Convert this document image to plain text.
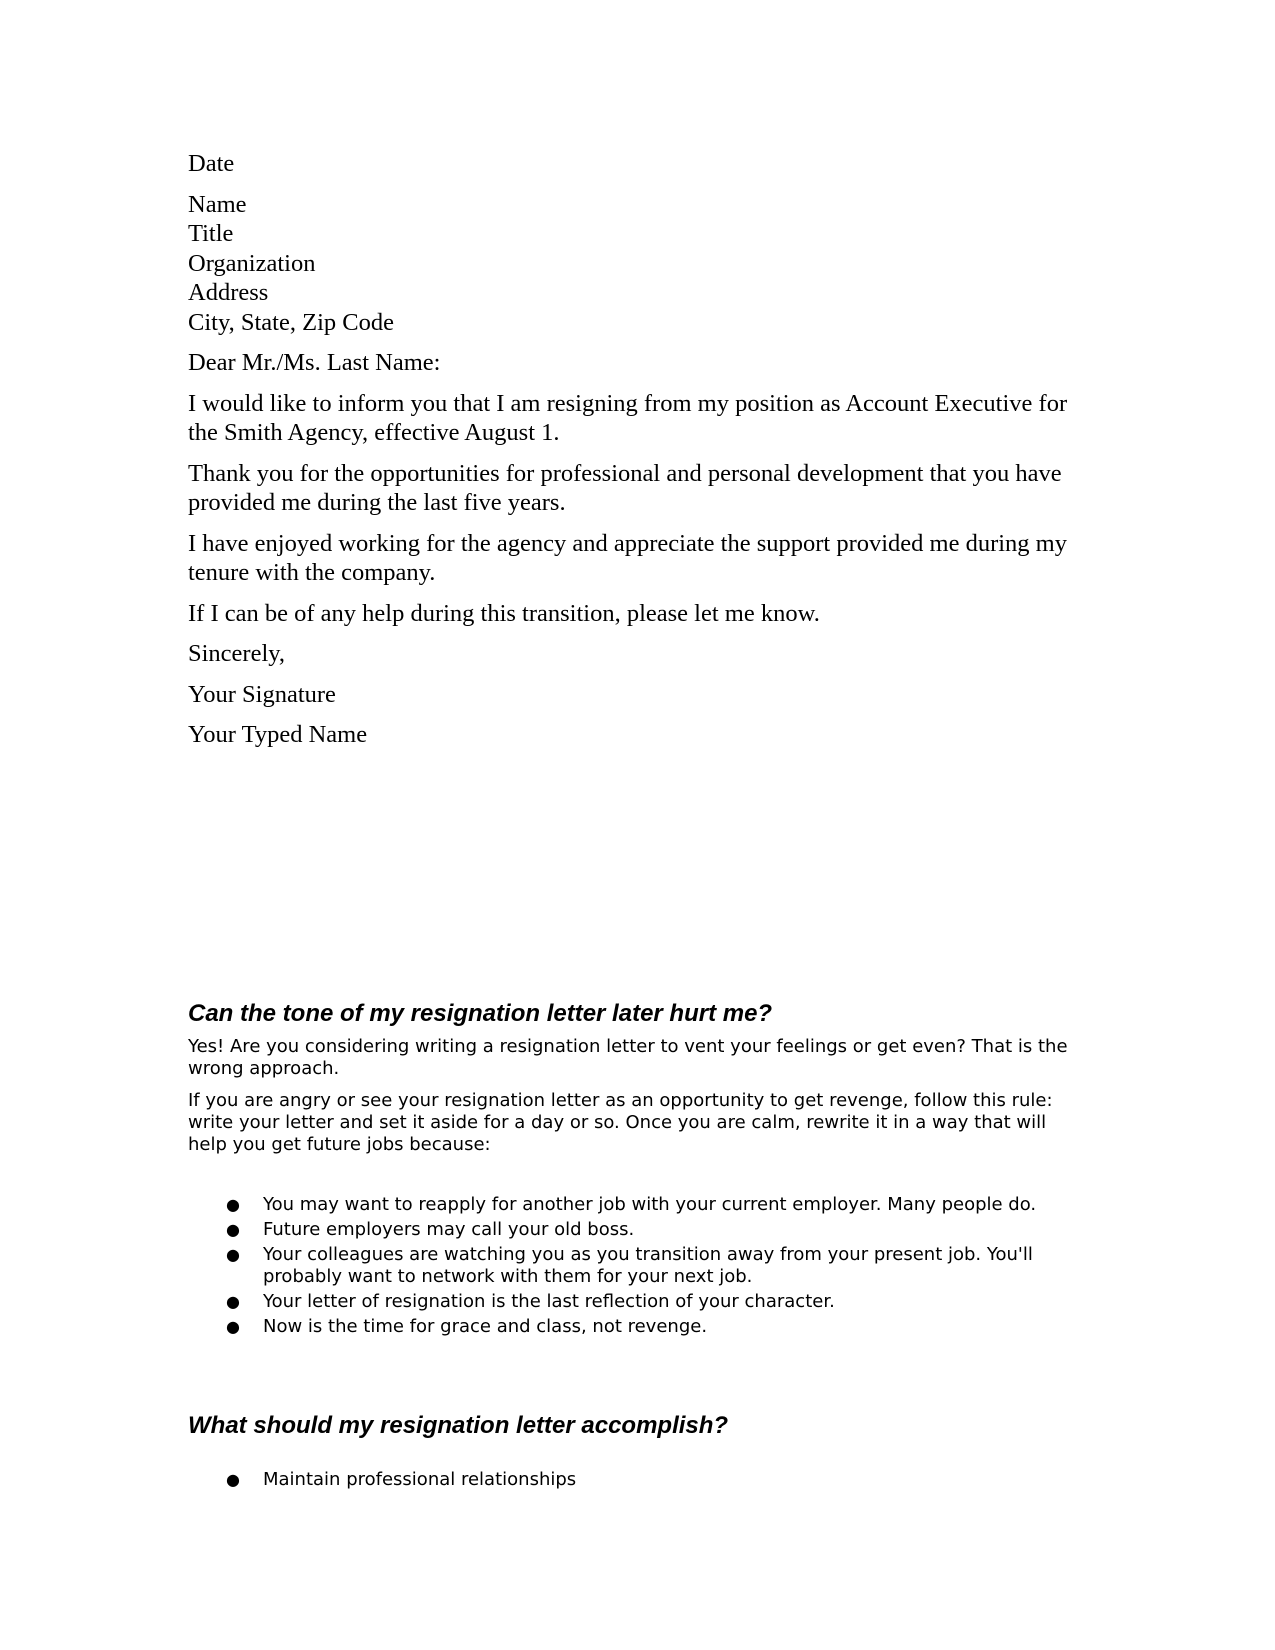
Date

Name
Title
Organization
Address
City, State, Zip Code

Dear Mr./Ms. Last Name:

I would like to inform you that I am resigning from my position as Account Executive for the Smith Agency, effective August 1.

Thank you for the opportunities for professional and personal development that you have provided me during the last five years.

I have enjoyed working for the agency and appreciate the support provided me during my tenure with the company.

If I can be of any help during this transition, please let me know.

Sincerely,

Your Signature

Your Typed Name

Can the tone of my resignation letter later hurt me?

Yes! Are you considering writing a resignation letter to vent your feelings or get even? That is the wrong approach.

If you are angry or see your resignation letter as an opportunity to get revenge, follow this rule: write your letter and set it aside for a day or so. Once you are calm, rewrite it in a way that will help you get future jobs because:

● You may want to reapply for another job with your current employer. Many people do.
● Future employers may call your old boss.
● Your colleagues are watching you as you transition away from your present job. You'll probably want to network with them for your next job.
● Your letter of resignation is the last reflection of your character.
● Now is the time for grace and class, not revenge.
What should my resignation letter accomplish?
● Maintain professional relationships
